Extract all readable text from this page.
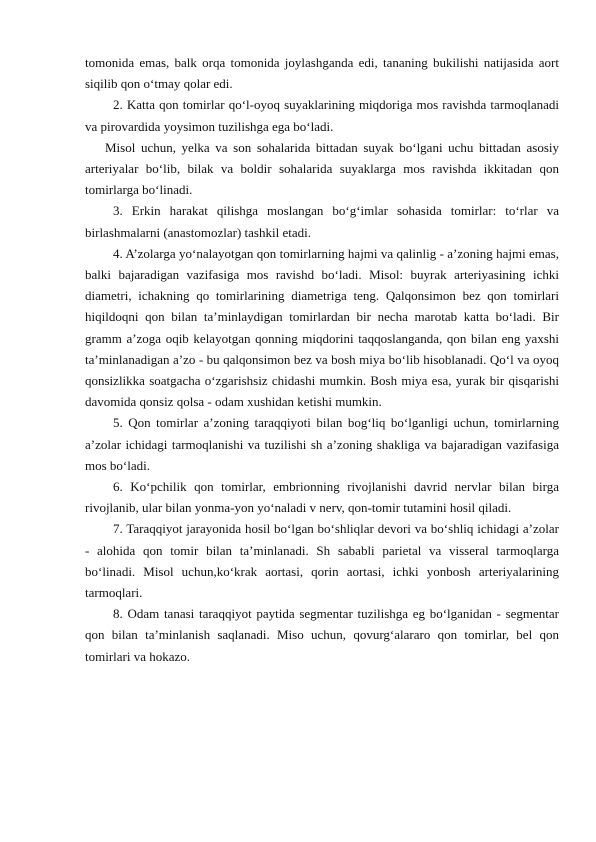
tomonida emas, balk orqa tomonida joylashganda edi, tananing bukilishi natijasida aort siqilib qon o‘tmay qolar edi.

2. Katta qon tomirlar qo‘l-oyoq suyaklarining miqdoriga mos ravishda tarmoqlanadi va pirovardida yoysimon tuzilishga ega bo‘ladi.

Misol uchun, yelka va son sohalarida bittadan suyak bo‘lgani uchu bittadan asosiy arteriyalar bo‘lib, bilak va boldir sohalarida suyaklarga mos ravishda ikkitadan qon tomirlarga bo‘linadi.

3. Erkin harakat qilishga moslangan bo‘g‘imlar sohasida tomirlar: to‘rlar va birlashmalarni (anastomozlar) tashkil etadi.

4. A’zolarga yo‘nalayotgan qon tomirlarning hajmi va qalinlig - a’zoning hajmi emas, balki bajaradigan vazifasiga mos ravishd bo‘ladi. Misol: buyrak arteriyasining ichki diametri, ichakning qo tomirlarining diametriga teng. Qalqonsimon bez qon tomirlari hiqildoqni qon bilan ta’minlaydigan tomirlardan bir necha marotab katta bo‘ladi. Bir gramm a’zoga oqib kelayotgan qonning miqdorini taqqoslanganda, qon bilan eng yaxshi ta’minlanadigan a’zo - bu qalqonsimon bez va bosh miya bo‘lib hisoblanadi. Qo‘l va oyoq qonsizlikka soatgacha o‘zgarishsiz chidashi mumkin. Bosh miya esa, yurak bir qisqarishi davomida qonsiz qolsa - odam xushidan ketishi mumkin.

5. Qon tomirlar a’zoning taraqqiyoti bilan bog‘liq bo‘lganligi uchun, tomirlarning a’zolar ichidagi tarmoqlanishi va tuzilishi sh a’zoning shakliga va bajaradigan vazifasiga mos bo‘ladi.

6. Ko‘pchilik qon tomirlar, embrionning rivojlanishi davrid nervlar bilan birga rivojlanib, ular bilan yonma-yon yo‘naladi v nerv, qon-tomir tutamini hosil qiladi.

7. Taraqqiyot jarayonida hosil bo‘lgan bo‘shliqlar devori va bo‘shliq ichidagi a’zolar - alohida qon tomir bilan ta’minlanadi. Sh sababli parietal va visseral tarmoqlarga bo‘linadi. Misol uchun,ko‘krak aortasi, qorin aortasi, ichki yonbosh arteriyalarining tarmoqlari.

8. Odam tanasi taraqqiyot paytida segmentar tuzilishga eg bo‘lganidan - segmentar qon bilan ta’minlanish saqlanadi. Miso uchun, qovurg‘alararo qon tomirlar, bel qon tomirlari va hokazo.
